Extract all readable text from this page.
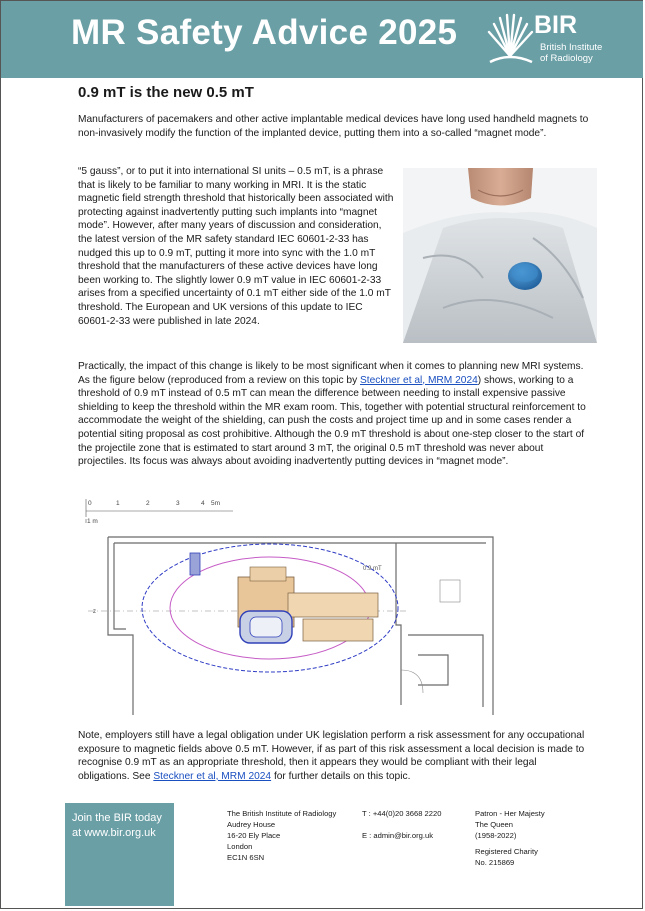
MR Safety Advice 2025	BIR
British Institute
of Radiology
0.9 mT is the new 0.5 mT

Manufacturers of pacemakers and other active implantable medical devices have long used handheld magnets to non-invasively modify the function of the implanted device, putting them into a so-called “magnet mode”.

“5 gauss”, or to put it into international SI units – 0.5 mT, is a phrase that is likely to be familiar to many working in MRI. It is the static magnetic field strength threshold that historically been associated with protecting against inadvertently putting such implants into “magnet mode”. However, after many years of discussion and consideration, the latest version of the MR safety standard IEC 60601-2-33 has nudged this up to 0.9 mT, putting it more into sync with the 1.0 mT threshold that the manufacturers of these active devices have long been working to. The slightly lower 0.9 mT value in IEC 60601-2-33 arises from a specified uncertainty of 0.1 mT either side of the 1.0 mT threshold. The European and UK versions of this update to IEC 60601-2-33 were published in late 2024.

Practically, the impact of this change is likely to be most significant when it comes to planning new MRI systems. As the figure below (reproduced from a review on this topic by Steckner et al, MRM 2024) shows, working to a threshold of 0.9 mT instead of 0.5 mT can mean the difference between needing to install expensive passive shielding to keep the threshold within the MR exam room. This, together with potential structural reinforcement to accommodate the weight of the shielding, can push the costs and project time up and in some cases render a potential siting proposal as cost prohibitive. Although the 0.9 mT threshold is about one-step closer to the start of the projectile zone that is estimated to start around 3 mT, the original 0.5 mT threshold was never about projectiles. Its focus was always about avoiding inadvertently putting devices in “magnet mode”.

0	1	2	3	4 5m
1 m
z
0.9 mT

Note, employers still have a legal obligation under UK legislation perform a risk assessment for any occupational exposure to magnetic fields above 0.5 mT. However, if as part of this risk assessment a local decision is made to recognise 0.9 mT as an appropriate threshold, then it appears they would be compliant with their legal obligations. See Steckner et al, MRM 2024 for further details on this topic.

Join the BIR today at www.bir.org.uk
The British Institute of Radiology
Audrey House
16-20 Ely Place
London
EC1N 6SN
T : +44(0)20 3668 2220
E : admin@bir.org.uk
Patron - Her Majesty
The Queen
(1958-2022)
Registered Charity
No. 215869
